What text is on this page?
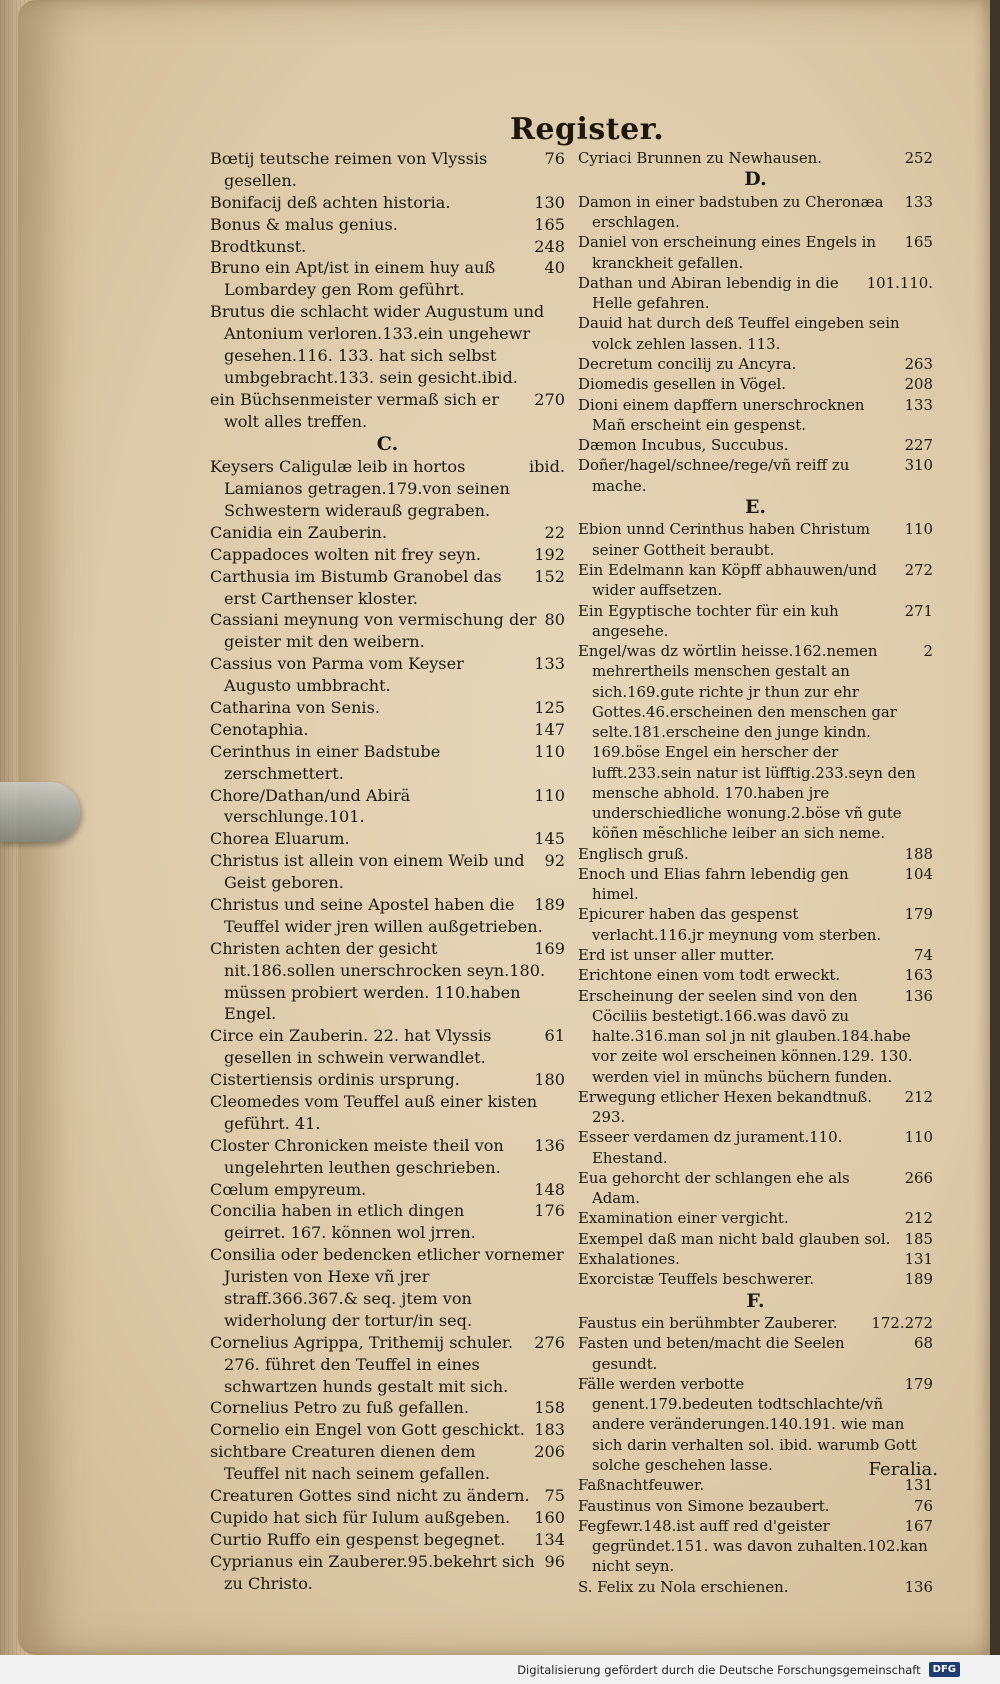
Register.
76
Bœtij teutsche reimen von Vlyssis gesellen.
130
Bonifacij deß achten historia.
165
Bonus & malus genius.
248
Brodtkunst.
40
Bruno ein Apt/ist in einem huy auß Lombardey gen Rom geführt.
Brutus die schlacht wider Augustum und Antonium verloren.133.ein ungehewr gesehen.116. 133. hat sich selbst umbgebracht.133. sein gesicht.ibid.
270
ein Büchsenmeister vermaß sich er wolt alles treffen.
C.
ibid.
Keysers Caligulæ leib in hortos Lamianos getragen.179.von seinen Schwestern widerauß gegraben.
22
Canidia ein Zauberin.
192
Cappadoces wolten nit frey seyn.
152
Carthusia im Bistumb Granobel das erst Carthenser kloster.
80
Cassiani meynung von vermischung der geister mit den weibern.
133
Cassius von Parma vom Keyser Augusto umbbracht.
125
Catharina von Senis.
147
Cenotaphia.
110
Cerinthus in einer Badstube zerschmettert.
110
Chore/Dathan/und Abirä verschlunge.101.
145
Chorea Eluarum.
92
Christus ist allein von einem Weib und Geist geboren.
189
Christus und seine Apostel haben die Teuffel wider jren willen außgetrieben.
169
Christen achten der gesicht nit.186.sollen unerschrocken seyn.180. müssen probiert werden. 110.haben Engel.
61
Circe ein Zauberin. 22. hat Vlyssis gesellen in schwein verwandlet.
180
Cistertiensis ordinis ursprung.
Cleomedes vom Teuffel auß einer kisten geführt. 41.
136
Closter Chronicken meiste theil von ungelehrten leuthen geschrieben.
148
Cœlum empyreum.
176
Concilia haben in etlich dingen geirret. 167. können wol jrren.
Consilia oder bedencken etlicher vornemer Juristen von Hexe vñ jrer straff.366.367.& seq. jtem von widerholung der tortur/in seq.
276
Cornelius Agrippa, Trithemij schuler. 276. führet den Teuffel in eines schwartzen hunds gestalt mit sich.
158
Cornelius Petro zu fuß gefallen.
183
Cornelio ein Engel von Gott geschickt.
206
sichtbare Creaturen dienen dem Teuffel nit nach seinem gefallen.
75
Creaturen Gottes sind nicht zu ändern.
160
Cupido hat sich für Iulum außgeben.
134
Curtio Ruffo ein gespenst begegnet.
96
Cyprianus ein Zauberer.95.bekehrt sich zu Christo.
252
Cyriaci Brunnen zu Newhausen.
D.
133
Damon in einer badstuben zu Cheronæa erschlagen.
165
Daniel von erscheinung eines Engels in kranckheit gefallen.
101.110.
Dathan und Abiran lebendig in die Helle gefahren.
Dauid hat durch deß Teuffel eingeben sein volck zehlen lassen. 113.
263
Decretum concilij zu Ancyra.
208
Diomedis gesellen in Vögel.
133
Dioni einem dapffern unerschrocknen Mañ erscheint ein gespenst.
227
Dæmon Incubus, Succubus.
310
Doñer/hagel/schnee/rege/vñ reiff zu mache.
E.
110
Ebion unnd Cerinthus haben Christum seiner Gottheit beraubt.
272
Ein Edelmann kan Köpff abhauwen/und wider auffsetzen.
271
Ein Egyptische tochter für ein kuh angesehe.
2
Engel/was dz wörtlin heisse.162.nemen mehrertheils menschen gestalt an sich.169.gute richte jr thun zur ehr Gottes.46.erscheinen den menschen gar selte.181.erscheine den junge kindn. 169.böse Engel ein herscher der lufft.233.sein natur ist lüfftig.233.seyn den mensche abhold. 170.haben jre underschiedliche wonung.2.böse vñ gute köñen mẽschliche leiber an sich neme.
188
Englisch gruß.
104
Enoch und Elias fahrn lebendig gen himel.
179
Epicurer haben das gespenst verlacht.116.jr meynung vom sterben.
74
Erd ist unser aller mutter.
163
Erichtone einen vom todt erweckt.
136
Erscheinung der seelen sind von den Cöciliis bestetigt.166.was davö zu halte.316.man sol jn nit glauben.184.habe vor zeite wol erscheinen können.129. 130. werden viel in münchs büchern funden.
212
Erwegung etlicher Hexen bekandtnuß. 293.
110
Esseer verdamen dz jurament.110. Ehestand.
266
Eua gehorcht der schlangen ehe als Adam.
212
Examination einer vergicht.
185
Exempel daß man nicht bald glauben sol.
131
Exhalationes.
189
Exorcistæ Teuffels beschwerer.
F.
172.272
Faustus ein berühmbter Zauberer.
68
Fasten und beten/macht die Seelen gesundt.
179
Fälle werden verbotte genent.179.bedeuten todtschlachte/vñ andere veränderungen.140.191. wie man sich darin verhalten sol. ibid. warumb Gott solche geschehen lasse.
131
Faßnachtfeuwer.
76
Faustinus von Simone bezaubert.
167
Fegfewr.148.ist auff red d'geister gegründet.151. was davon zuhalten.102.kan nicht seyn.
136
S. Felix zu Nola erschienen.
Feralia.
Digitalisierung gefördert durch die Deutsche Forschungsgemeinschaft	DFG
